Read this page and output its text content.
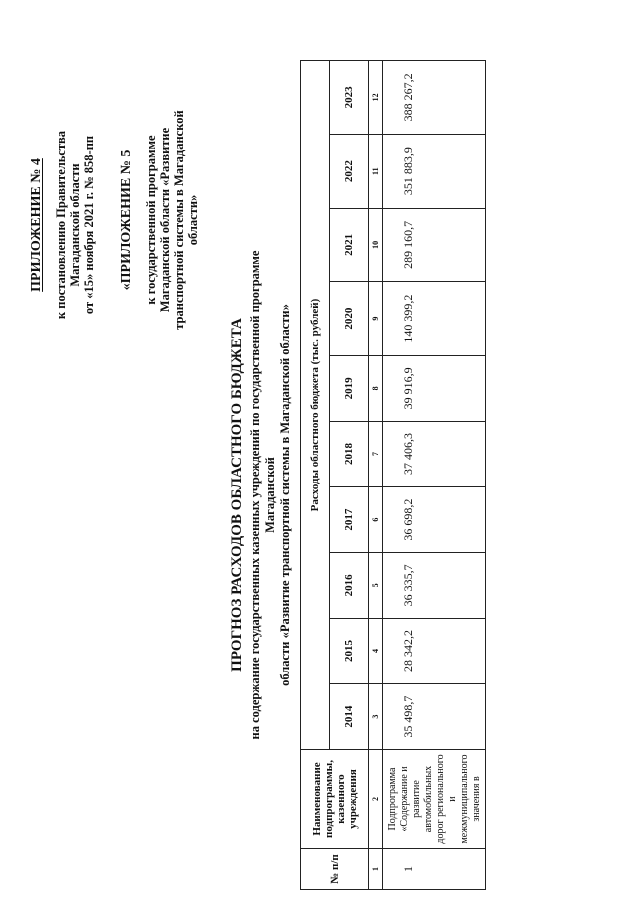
ПРИЛОЖЕНИЕ № 4 к постановлению Правительства Магаданской области от «15» ноября 2021 г. № 858-пп «ПРИЛОЖЕНИЕ № 5 к государственной программе Магаданской области «Развитие транспортной системы в Магаданской области»
ПРОГНОЗ РАСХОДОВ ОБЛАСТНОГО БЮДЖЕТА на содержание государственных казенных учреждений по государственной программе Магаданской области «Развитие транспортной системы в Магаданской области»
№ п/п	Наименование подпрограммы, казенного учреждения	Расходы областного бюджета (тыс. рублей)									
		2014	2015	2016	2017	2018	2019	2020	2021	2022	2023
1	2	3	4	5	6	7	8	9	10	11	12
1	Подпрограмма «Содержание и развитие автомобильных дорог регионального и межмуниципального значения в	35 498,7	28 342,2	36 335,7	36 698,2	37 406,3	39 916,9	140 399,2	289 160,7	351 883,9	388 267,2
